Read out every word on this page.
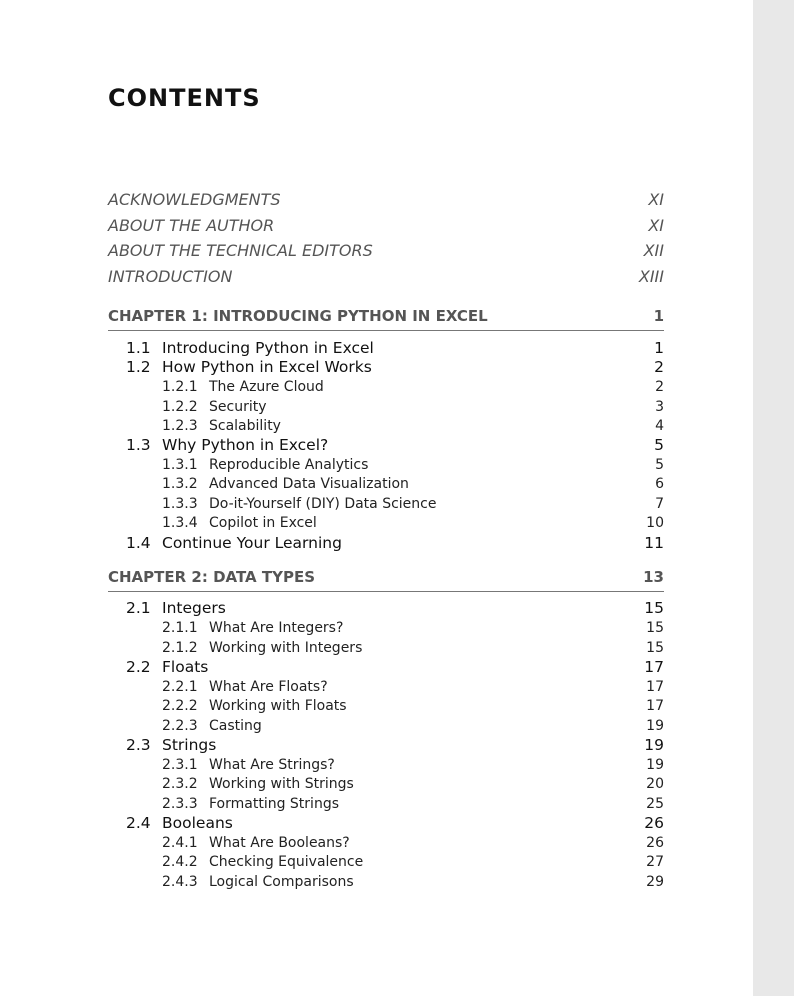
CONTENTS
ACKNOWLEDGMENTS	XI
ABOUT THE AUTHOR	XI
ABOUT THE TECHNICAL EDITORS	XII
INTRODUCTION	XIII
CHAPTER 1: INTRODUCING PYTHON IN EXCEL	1
1.1 Introducing Python in Excel	1
1.2 How Python in Excel Works	2
1.2.1 The Azure Cloud	2
1.2.2 Security	3
1.2.3 Scalability	4
1.3 Why Python in Excel?	5
1.3.1 Reproducible Analytics	5
1.3.2 Advanced Data Visualization	6
1.3.3 Do-it-Yourself (DIY) Data Science	7
1.3.4 Copilot in Excel	10
1.4 Continue Your Learning	11
CHAPTER 2: DATA TYPES	13
2.1 Integers	15
2.1.1 What Are Integers?	15
2.1.2 Working with Integers	15
2.2 Floats	17
2.2.1 What Are Floats?	17
2.2.2 Working with Floats	17
2.2.3 Casting	19
2.3 Strings	19
2.3.1 What Are Strings?	19
2.3.2 Working with Strings	20
2.3.3 Formatting Strings	25
2.4 Booleans	26
2.4.1 What Are Booleans?	26
2.4.2 Checking Equivalence	27
2.4.3 Logical Comparisons	29
